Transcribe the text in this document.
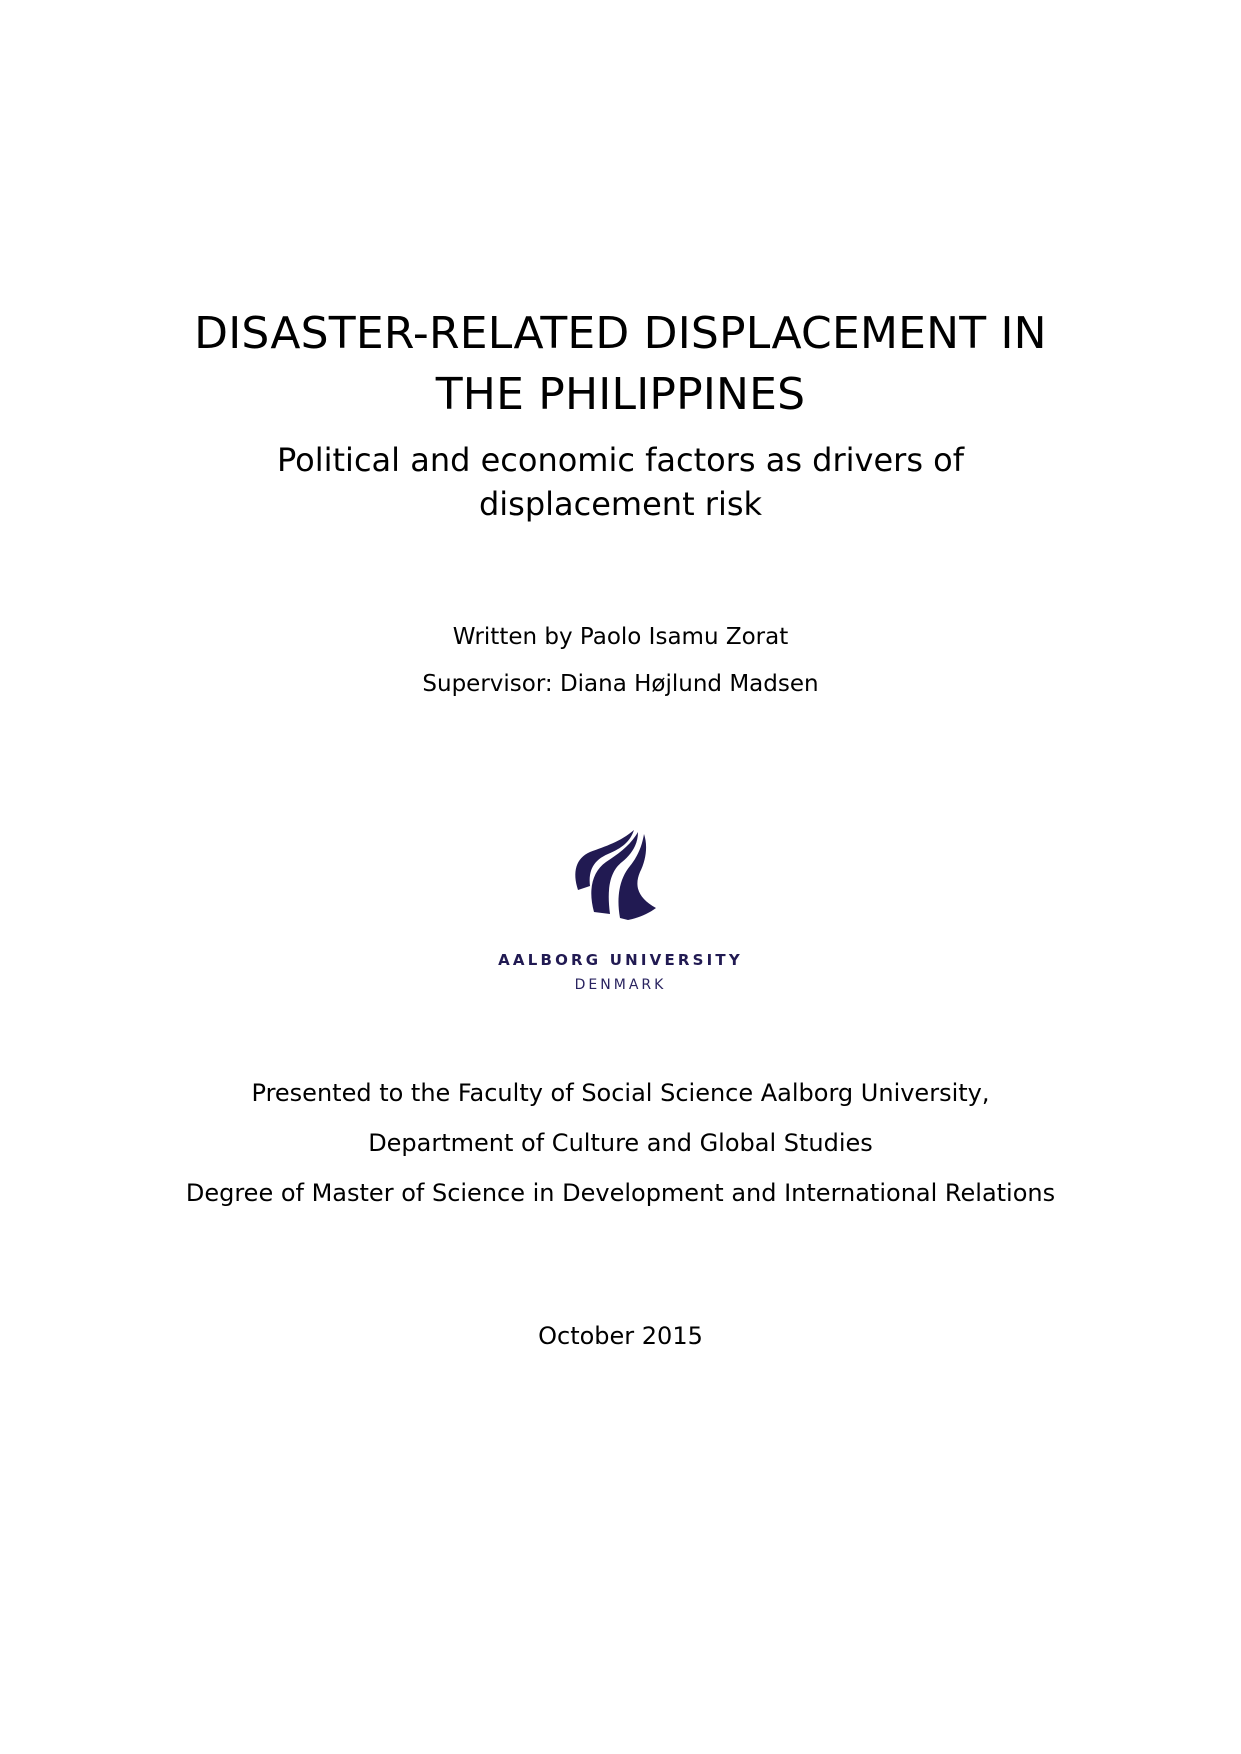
DISASTER-RELATED DISPLACEMENT IN
THE PHILIPPINES
Political and economic factors as drivers of
displacement risk
Written by Paolo Isamu Zorat
Supervisor: Diana Højlund Madsen
AALBORG UNIVERSITY
DENMARK
Presented to the Faculty of Social Science Aalborg University,
Department of Culture and Global Studies
Degree of Master of Science in Development and International Relations
October 2015
